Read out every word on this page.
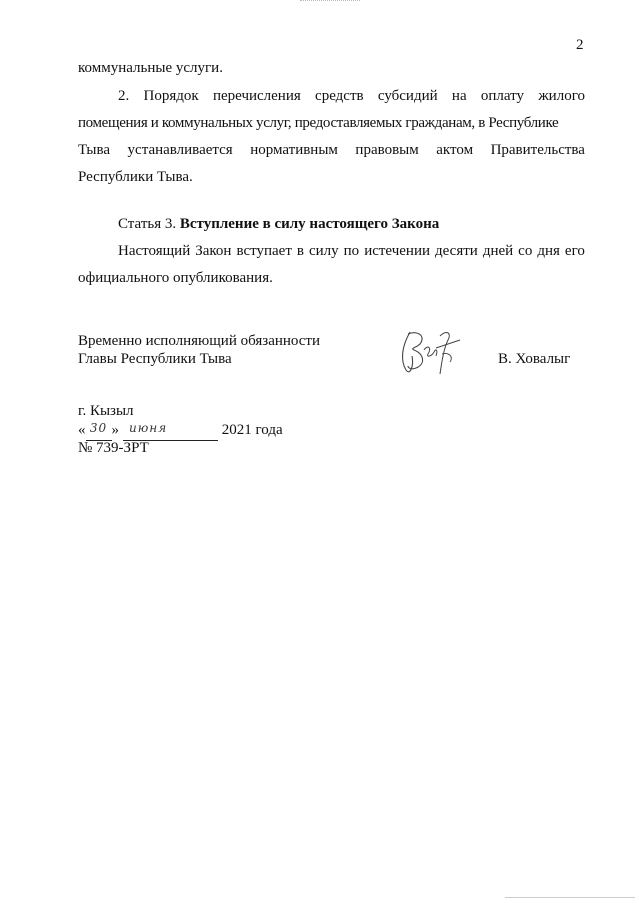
2
коммунальные услуги.
2. Порядок перечисления средств субсидий на оплату жилого
помещения и коммунальных услуг, предоставляемых гражданам, в Республике
Тыва устанавливается нормативным правовым актом Правительства
Республики Тыва.
Статья 3. Вступление в силу настоящего Закона
Настоящий Закон вступает в силу по истечении десяти дней со дня его
официального опубликования.
Временно исполняющий обязанности
Главы Республики Тыва	В. Ховалыг
г. Кызыл
« 30 » июня	2021 года
№ 739-ЗРТ
